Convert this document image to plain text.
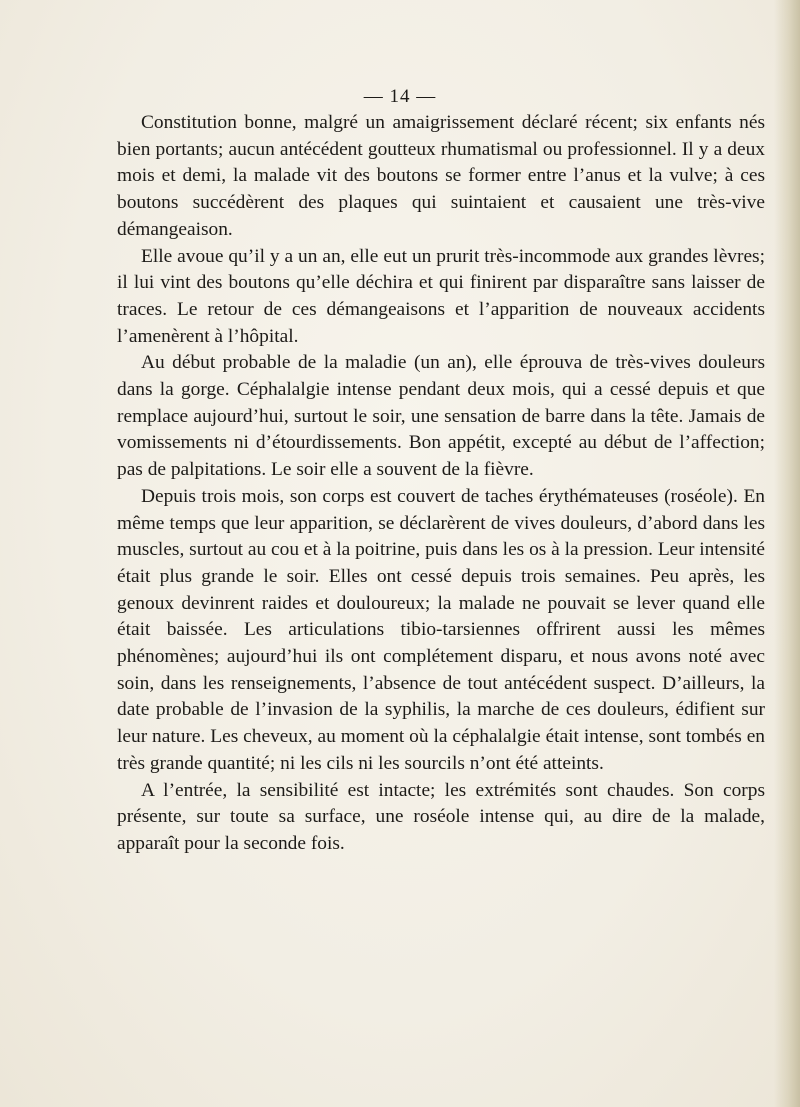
— 14 —

Constitution bonne, malgré un amaigrissement déclaré récent; six enfants nés bien portants; aucun antécédent goutteux rhumatismal ou professionnel. Il y a deux mois et demi, la malade vit des boutons se former entre l’anus et la vulve; à ces boutons succédèrent des plaques qui suintaient et causaient une très-vive démangeaison.

Elle avoue qu’il y a un an, elle eut un prurit très-incommode aux grandes lèvres; il lui vint des boutons qu’elle déchira et qui finirent par disparaître sans laisser de traces. Le retour de ces démangeaisons et l’apparition de nouveaux accidents l’amenèrent à l’hôpital.

Au début probable de la maladie (un an), elle éprouva de très-vives douleurs dans la gorge. Céphalalgie intense pendant deux mois, qui a cessé depuis et que remplace aujourd’hui, surtout le soir, une sensation de barre dans la tête. Jamais de vomissements ni d’étourdissements. Bon appétit, excepté au début de l’affection; pas de palpitations. Le soir elle a souvent de la fièvre.

Depuis trois mois, son corps est couvert de taches érythémateuses (roséole). En même temps que leur apparition, se déclarèrent de vives douleurs, d’abord dans les muscles, surtout au cou et à la poitrine, puis dans les os à la pression. Leur intensité était plus grande le soir. Elles ont cessé depuis trois semaines. Peu après, les genoux devinrent raides et douloureux; la malade ne pouvait se lever quand elle était baissée. Les articulations tibio-tarsiennes offrirent aussi les mêmes phénomènes; aujourd’hui ils ont complétement disparu, et nous avons noté avec soin, dans les renseignements, l’absence de tout antécédent suspect. D’ailleurs, la date probable de l’invasion de la syphilis, la marche de ces douleurs, édifient sur leur nature. Les cheveux, au moment où la céphalalgie était intense, sont tombés en très grande quantité; ni les cils ni les sourcils n’ont été atteints.

A l’entrée, la sensibilité est intacte; les extrémités sont chaudes. Son corps présente, sur toute sa surface, une roséole intense qui, au dire de la malade, apparaît pour la seconde fois.
